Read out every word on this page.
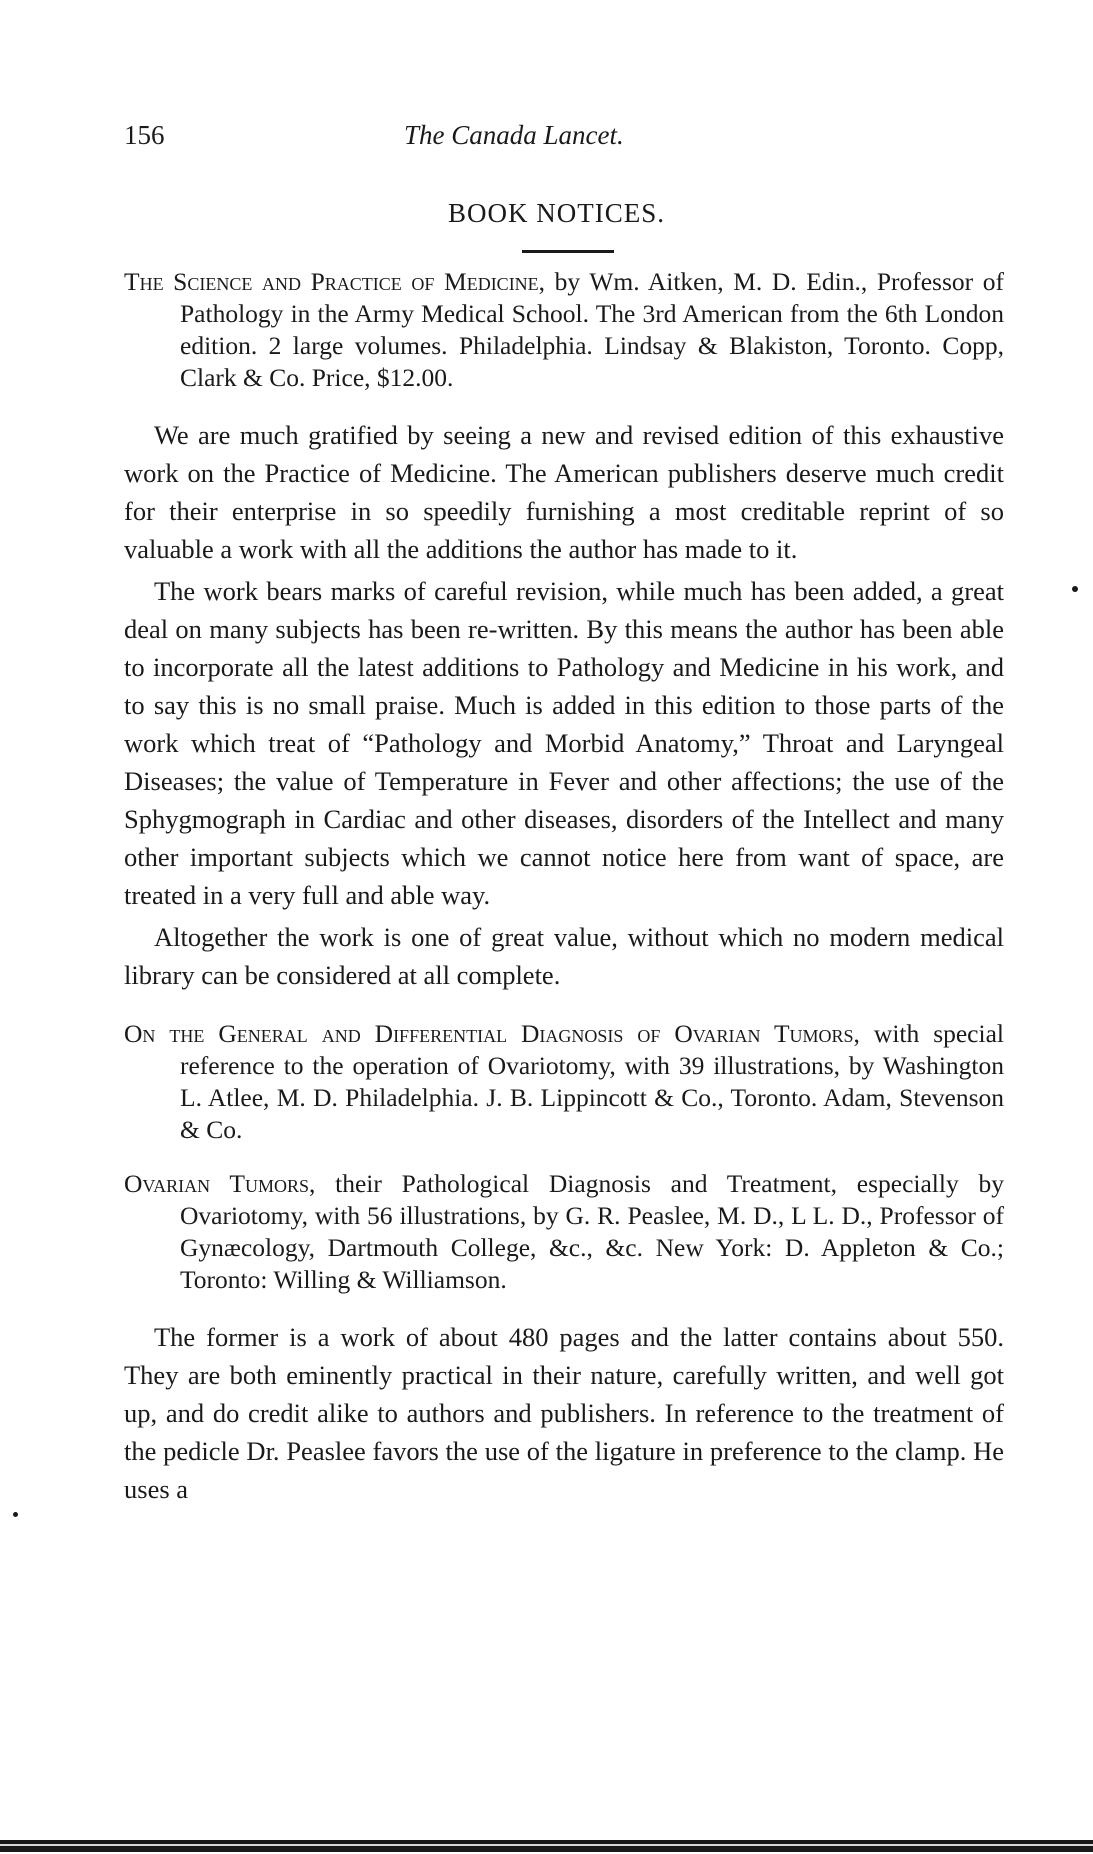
156	The Canada Lancet.
BOOK NOTICES.

The Science and Practice of Medicine, by Wm. Aitken, M. D. Edin., Professor of Pathology in the Army Medical School. The 3rd American from the 6th London edition. 2 large volumes. Philadelphia. Lindsay & Blakiston, Toronto. Copp, Clark & Co. Price, $12.00.

We are much gratified by seeing a new and revised edition of this exhaustive work on the Practice of Medicine. The American publishers deserve much credit for their enterprise in so speedily furnishing a most creditable reprint of so valuable a work with all the additions the author has made to it.

The work bears marks of careful revision, while much has been added, a great deal on many subjects has been re-written. By this means the author has been able to incorporate all the latest additions to Pathology and Medicine in his work, and to say this is no small praise. Much is added in this edition to those parts of the work which treat of “Pathology and Morbid Anatomy,” Throat and Laryngeal Diseases; the value of Temperature in Fever and other affections; the use of the Sphygmograph in Cardiac and other diseases, disorders of the Intellect and many other important subjects which we cannot notice here from want of space, are treated in a very full and able way.

Altogether the work is one of great value, without which no modern medical library can be considered at all complete.

On the General and Differential Diagnosis of Ovarian Tumors, with special reference to the operation of Ovariotomy, with 39 illustrations, by Washington L. Atlee, M. D. Philadelphia. J. B. Lippincott & Co., Toronto. Adam, Stevenson & Co.

Ovarian Tumors, their Pathological Diagnosis and Treatment, especially by Ovariotomy, with 56 illustrations, by G. R. Peaslee, M. D., L L. D., Professor of Gynæcology, Dartmouth College, &c., &c. New York: D. Appleton & Co.; Toronto: Willing & Williamson.

The former is a work of about 480 pages and the latter contains about 550. They are both eminently practical in their nature, carefully written, and well got up, and do credit alike to authors and publishers. In reference to the treatment of the pedicle Dr. Peaslee favors the use of the ligature in preference to the clamp. He uses a
